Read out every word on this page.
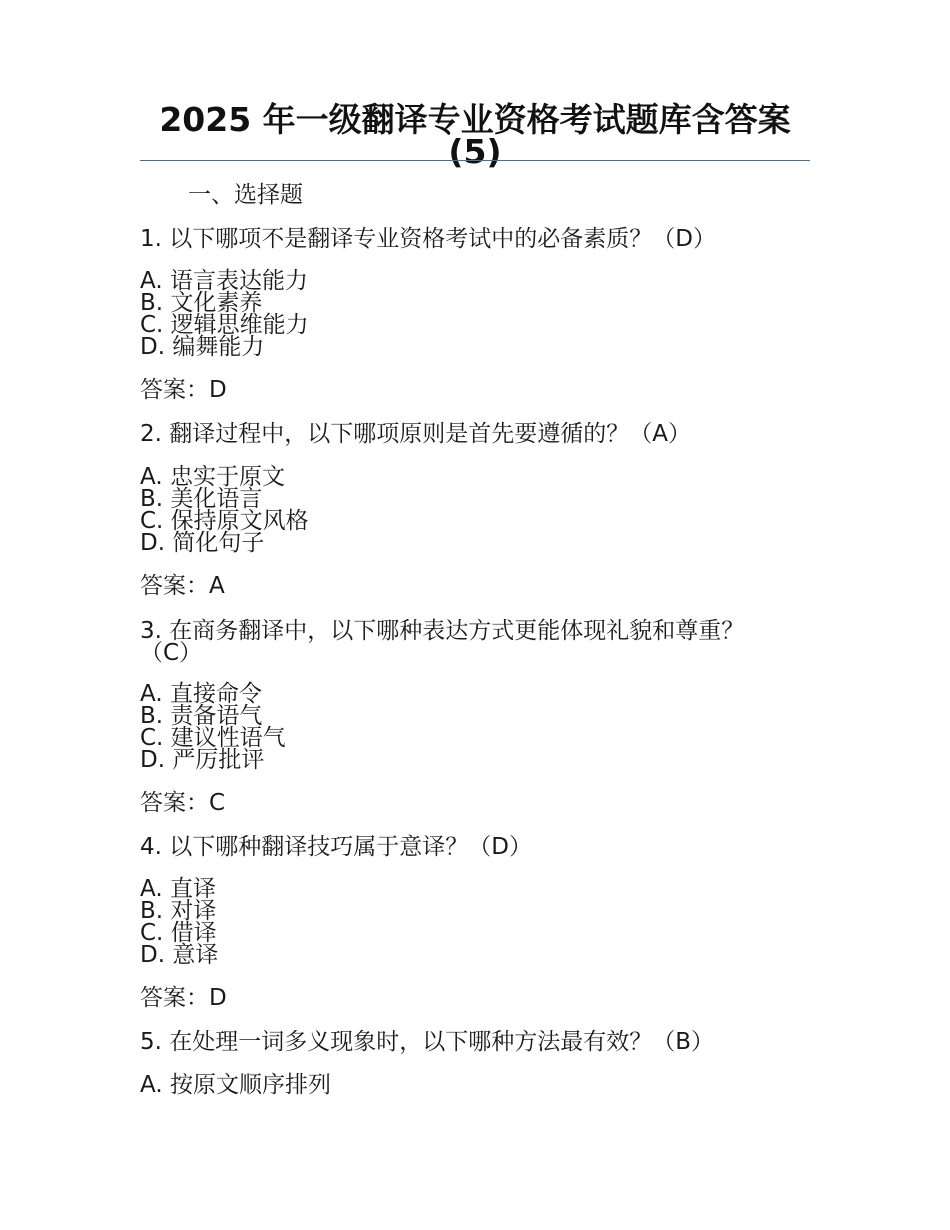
2025 年一级翻译专业资格考试题库含答案(5)
一、选择题
1. 以下哪项不是翻译专业资格考试中的必备素质？（D）
A. 语言表达能力
B. 文化素养
C. 逻辑思维能力
D. 编舞能力
答案：D
2. 翻译过程中，以下哪项原则是首先要遵循的？（A）
A. 忠实于原文
B. 美化语言
C. 保持原文风格
D. 简化句子
答案：A
3. 在商务翻译中，以下哪种表达方式更能体现礼貌和尊重？（C）
A. 直接命令
B. 责备语气
C. 建议性语气
D. 严厉批评
答案：C
4. 以下哪种翻译技巧属于意译？（D）
A. 直译
B. 对译
C. 借译
D. 意译
答案：D
5. 在处理一词多义现象时，以下哪种方法最有效？（B）
A. 按原文顺序排列
